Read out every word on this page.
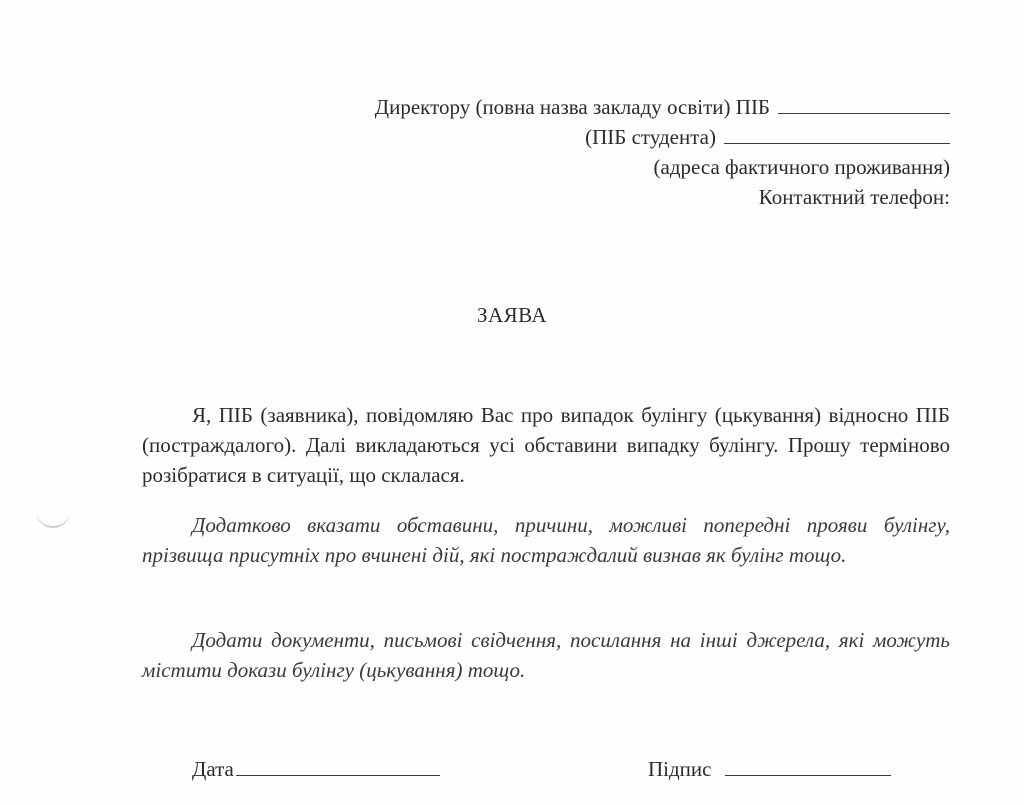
Директору (повна назва закладу освіти) ПІБ
(ПІБ студента)
(адреса фактичного проживання)
Контактний телефон:
ЗАЯВА
Я, ПІБ (заявника), повідомляю Вас про випадок булінгу (цькування) відносно ПІБ (постраждалого). Далі викладаються усі обставини випадку булінгу. Прошу терміново розібратися в ситуації, що склалася.
Додатково вказати обставини, причини, можливі попередні прояви булінгу, прізвища присутніх про вчинені дій, які постраждалий визнав як булінг тощо.
Додати документи, письмові свідчення, посилання на інші джерела, які можуть містити докази булінгу (цькування) тощо.
Дата	Підпис
